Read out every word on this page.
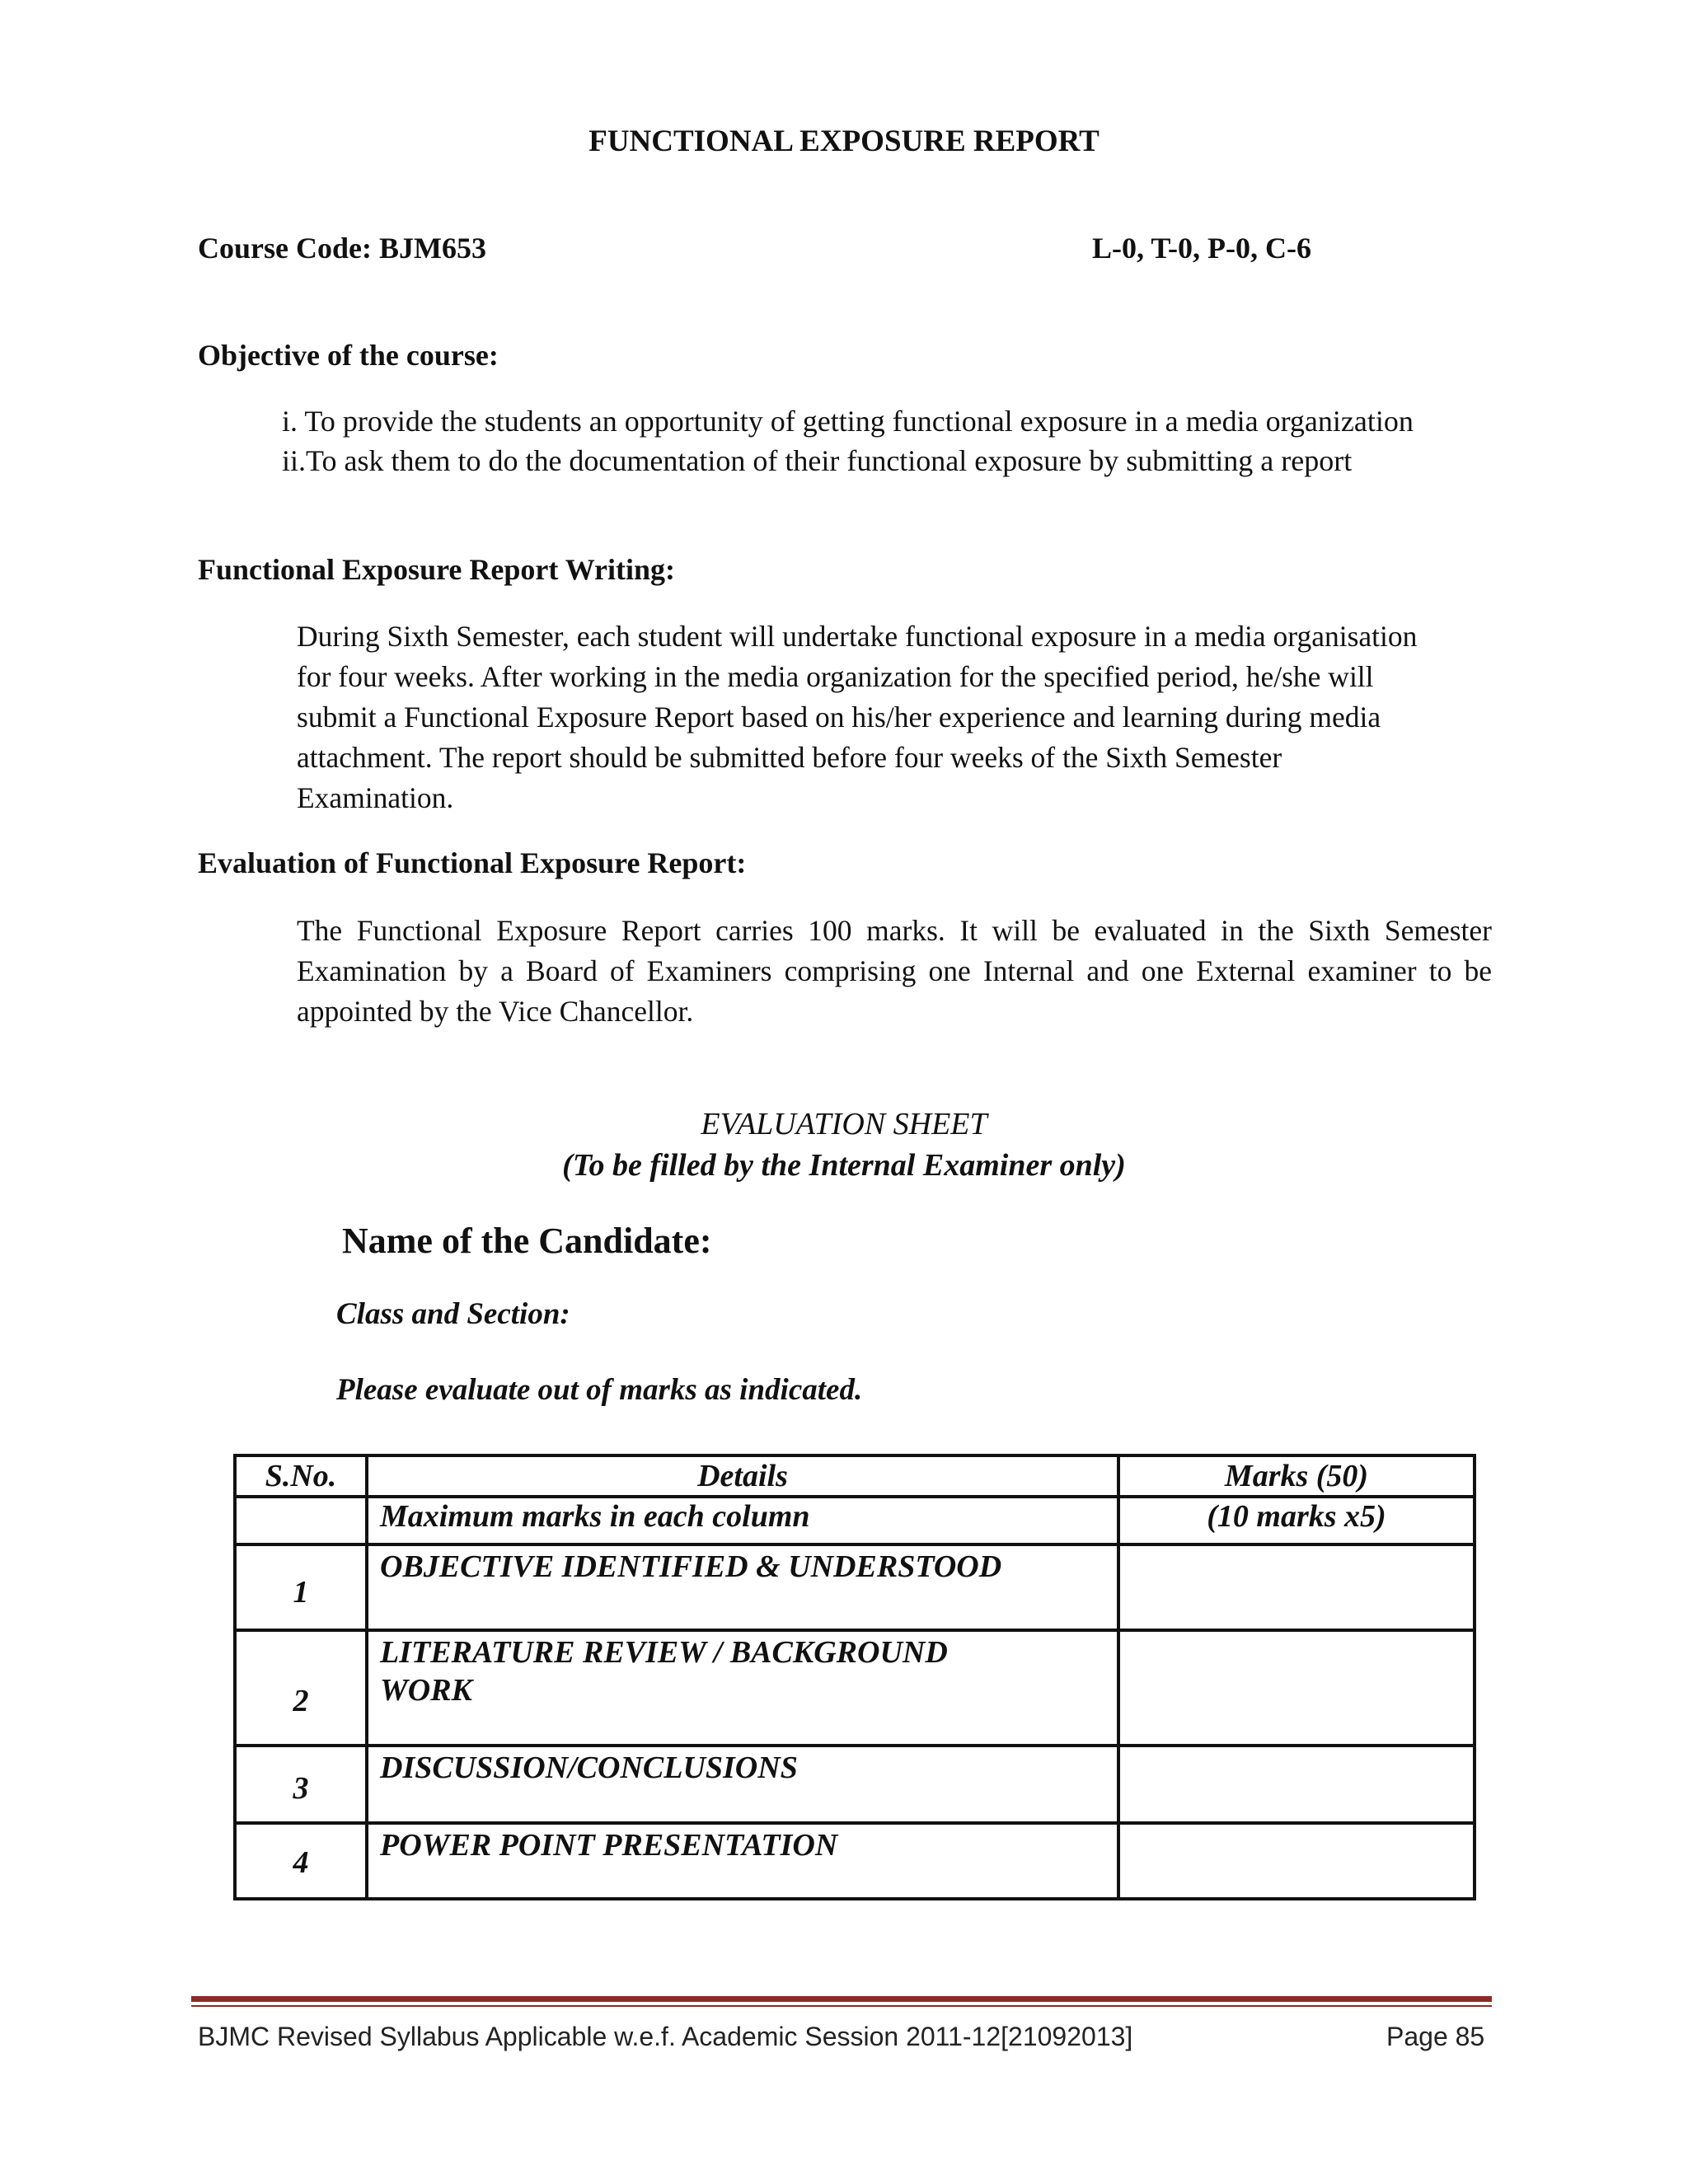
FUNCTIONAL EXPOSURE REPORT
Course Code: BJM653	L-0, T-0, P-0, C-6
Objective of the course:
i. To provide the students an opportunity of getting functional exposure in a media organization
ii.To ask them to do the documentation of their functional exposure by submitting a report
Functional Exposure Report Writing:
During Sixth Semester, each student will undertake functional exposure in a media organisation
for four weeks. After working in the media organization for the specified period, he/she will
submit a Functional Exposure Report based on his/her experience and learning during media
attachment. The report should be submitted before four weeks of the Sixth Semester
Examination.
Evaluation of Functional Exposure Report:
The Functional Exposure Report carries 100 marks. It will be evaluated in the Sixth Semester Examination by a Board of Examiners comprising one Internal and one External examiner to be appointed by the Vice Chancellor.
EVALUATION SHEET
(To be filled by the Internal Examiner only)
Name of the Candidate:
Class and Section:
Please evaluate out of marks as indicated.
S.No.	Details	Marks (50)
	Maximum marks in each column	(10 marks x5)

1	OBJECTIVE IDENTIFIED & UNDERSTOOD	

2	LITERATURE REVIEW / BACKGROUND
WORK	

3	DISCUSSION/CONCLUSIONS	

4	POWER POINT PRESENTATION	

BJMC Revised Syllabus Applicable w.e.f. Academic Session 2011-12[21092013]	Page 85
